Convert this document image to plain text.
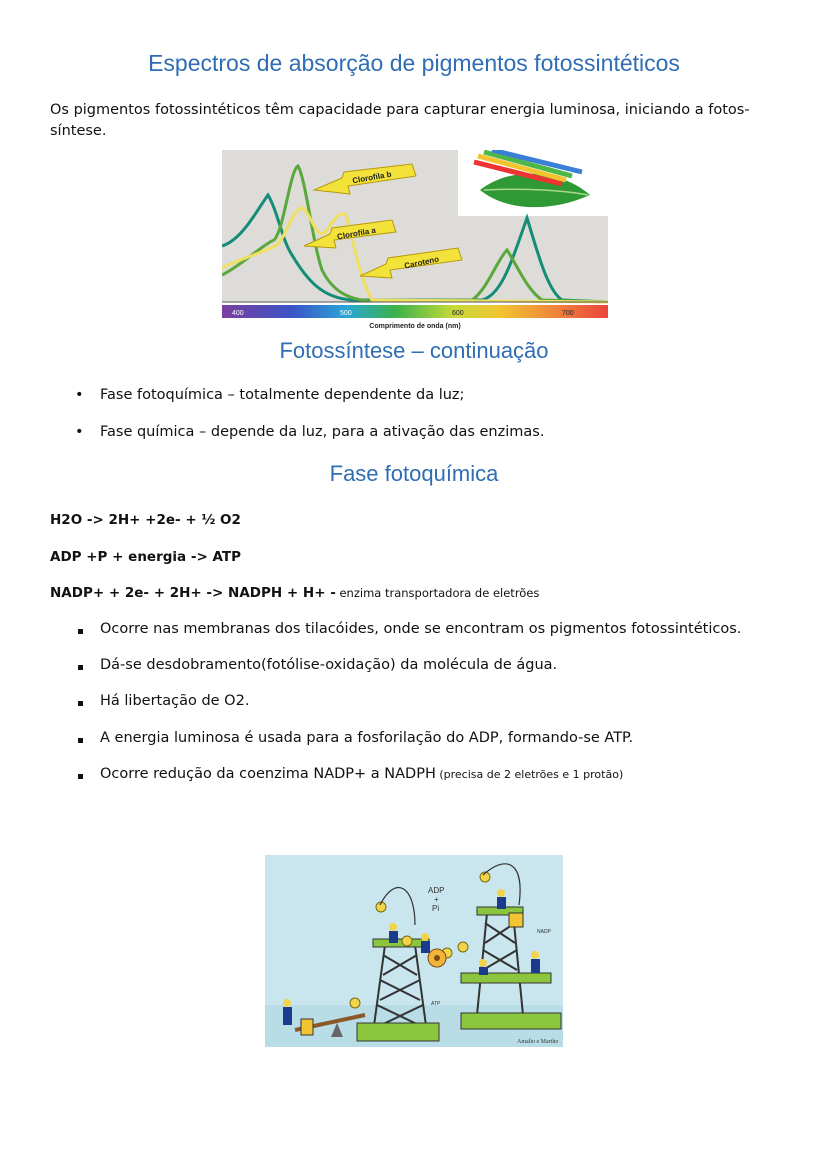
Espectros de absorção de pigmentos fotossintéticos
Os pigmentos fotossintéticos têm capacidade para capturar energia luminosa, iniciando a fotos-síntese.
Clorofila b
Clorofila a
Caroteno
400	500	600	700
Comprimento de onda (nm)
Fotossíntese – continuação
• Fase fotoquímica – totalmente dependente da luz;
• Fase química – depende da luz, para a ativação das enzimas.
Fase fotoquímica
H2O -> 2H+ +2e- + ½ O2
ADP +P + energia -> ATP
NADP+ + 2e- + 2H+ -> NADPH + H+ - enzima transportadora de eletrões
Ocorre nas membranas dos tilacóides, onde se encontram os pigmentos fotossintéticos.
Dá-se desdobramento(fotólise-oxidação) da molécula de água.
Há libertação de O2.
A energia luminosa é usada para a fosforilação do ADP, formando-se ATP.
Ocorre redução da coenzima NADP+ a NADPH (precisa de 2 eletrões e 1 protão)
ADP
+
Pi
NADP
ATP
Amalio e Martho
